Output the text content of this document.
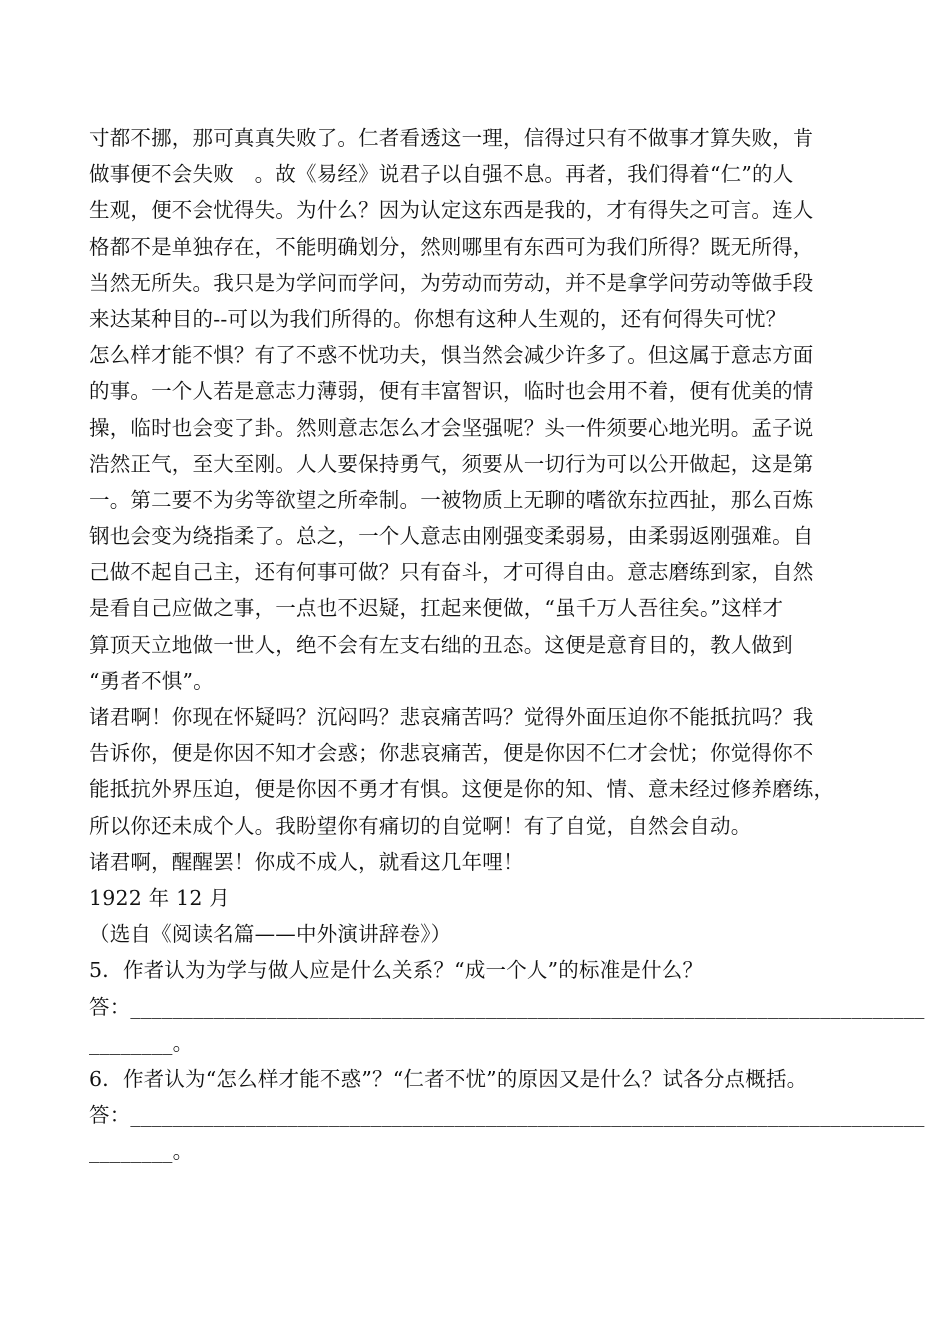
寸都不挪，那可真真失败了。仁者看透这一理，信得过只有不做事才算失败，肯
做事便不会失败　。故《易经》说君子以自强不息。再者，我们得着“仁”的人
生观，便不会忧得失。为什么？因为认定这东西是我的，才有得失之可言。连人
格都不是单独存在，不能明确划分，然则哪里有东西可为我们所得？既无所得，
当然无所失。我只是为学问而学问，为劳动而劳动，并不是拿学问劳动等做手段
来达某种目的--可以为我们所得的。你想有这种人生观的，还有何得失可忧？
怎么样才能不惧？有了不惑不忧功夫，惧当然会减少许多了。但这属于意志方面
的事。一个人若是意志力薄弱，便有丰富智识，临时也会用不着，便有优美的情
操，临时也会变了卦。然则意志怎么才会坚强呢？头一件须要心地光明。孟子说
浩然正气，至大至刚。人人要保持勇气，须要从一切行为可以公开做起，这是第
一。第二要不为劣等欲望之所牵制。一被物质上无聊的嗜欲东拉西扯，那么百炼
钢也会变为绕指柔了。总之，一个人意志由刚强变柔弱易，由柔弱返刚强难。自
己做不起自己主，还有何事可做？只有奋斗，才可得自由。意志磨练到家，自然
是看自己应做之事，一点也不迟疑，扛起来便做，“虽千万人吾往矣。”这样才
算顶天立地做一世人，绝不会有左支右绌的丑态。这便是意育目的，教人做到
“勇者不惧”。
诸君啊！你现在怀疑吗？沉闷吗？悲哀痛苦吗？觉得外面压迫你不能抵抗吗？我
告诉你，便是你因不知才会惑；你悲哀痛苦，便是你因不仁才会忧；你觉得你不
能抵抗外界压迫，便是你因不勇才有惧。这便是你的知、情、意未经过修养磨练，
所以你还未成个人。我盼望你有痛切的自觉啊！有了自觉，自然会自动。
诸君啊，醒醒罢！你成不成人，就看这几年哩！
1922 年 12 月
（选自《阅读名篇——中外演讲辞卷》）
5．作者认为为学与做人应是什么关系？“成一个人”的标准是什么？
答：____________________________________________________________________________
________。
6．作者认为“怎么样才能不惑”？“仁者不忧”的原因又是什么？试各分点概括。
答：____________________________________________________________________________
________。
